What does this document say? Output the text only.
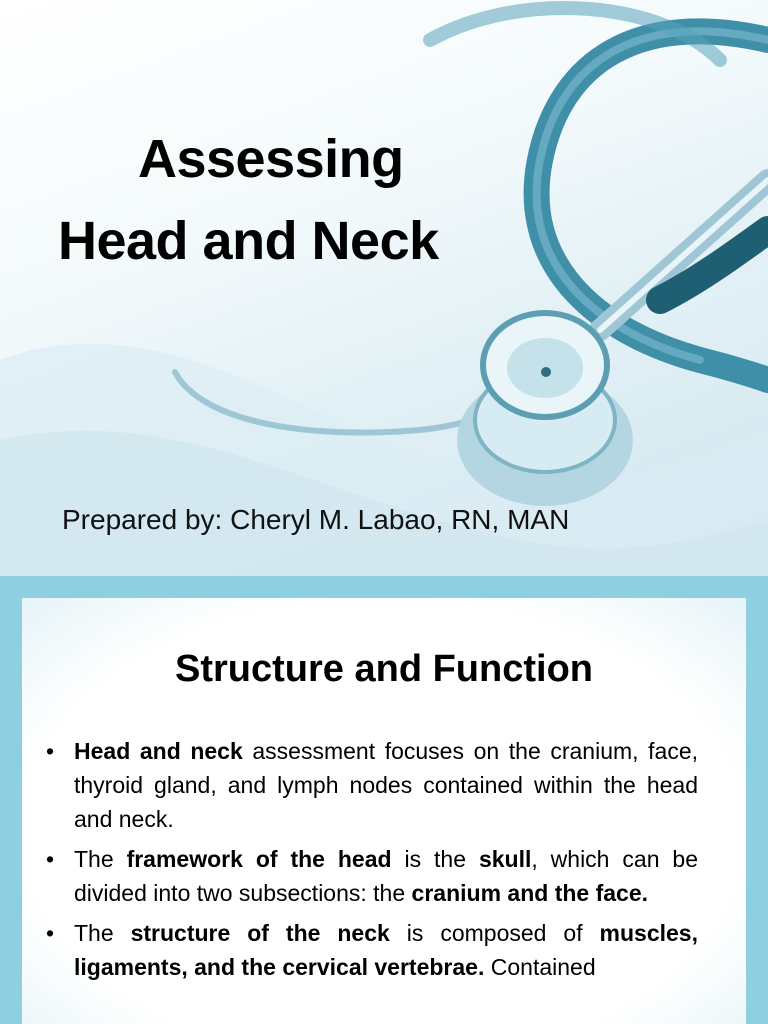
Assessing
Head and Neck
Prepared by: Cheryl M. Labao, RN, MAN
Structure and Function
• Head and neck assessment focuses on the cranium, face, thyroid gland, and lymph nodes contained within the head and neck.
• The framework of the head is the skull, which can be divided into two subsections: the cranium and the face.
• The structure of the neck is composed of muscles, ligaments, and the cervical vertebrae. Contained
